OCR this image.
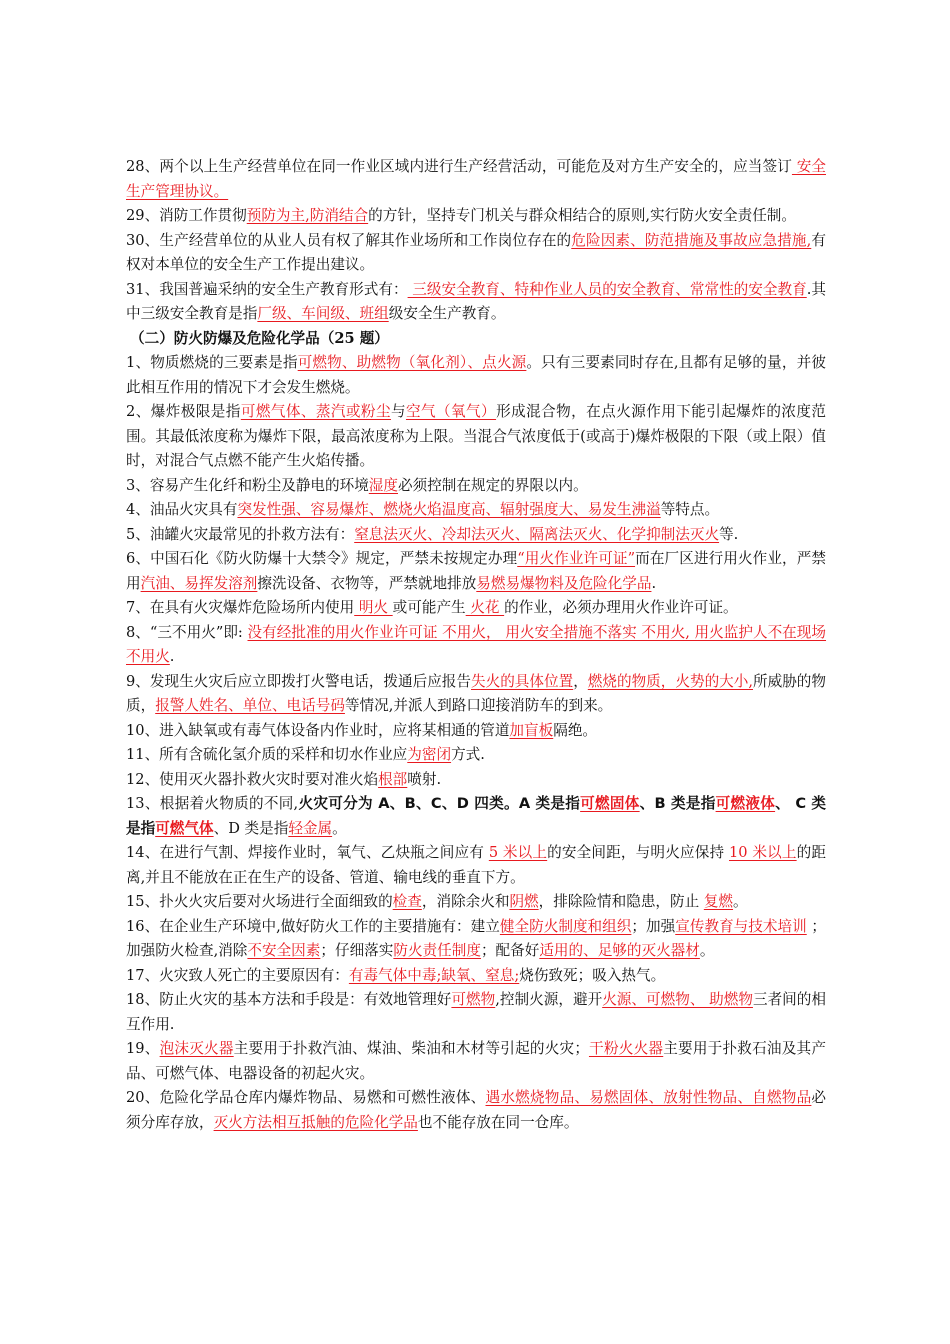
28、两个以上生产经营单位在同一作业区域内进行生产经营活动，可能危及对方生产安全的，应当签订 安全生产管理协议。

29、消防工作贯彻预防为主,防消结合的方针，坚持专门机关与群众相结合的原则,实行防火安全责任制。

30、生产经营单位的从业人员有权了解其作业场所和工作岗位存在的危险因素、防范措施及事故应急措施,有权对本单位的安全生产工作提出建议。

31、我国普遍采纳的安全生产教育形式有： 三级安全教育、特种作业人员的安全教育、常常性的安全教育.其中三级安全教育是指厂级、车间级、班组级安全生产教育。

（二）防火防爆及危险化学品（25 题）

1、物质燃烧的三要素是指可燃物、助燃物（氧化剂）、点火源。只有三要素同时存在,且都有足够的量，并彼此相互作用的情况下才会发生燃烧。

2、爆炸极限是指可燃气体、蒸汽或粉尘与空气（氧气）形成混合物，在点火源作用下能引起爆炸的浓度范围。其最低浓度称为爆炸下限，最高浓度称为上限。当混合气浓度低于(或高于)爆炸极限的下限（或上限）值时，对混合气点燃不能产生火焰传播。

3、容易产生化纤和粉尘及静电的环境湿度必须控制在规定的界限以内。

4、油品火灾具有突发性强、容易爆炸、燃烧火焰温度高、辐射强度大、易发生沸溢等特点。

5、油罐火灾最常见的扑救方法有：窒息法灭火、冷却法灭火、隔离法灭火、化学抑制法灭火等.

6、中国石化《防火防爆十大禁令》规定，严禁未按规定办理“用火作业许可证”而在厂区进行用火作业，严禁用汽油、易挥发溶剂擦洗设备、衣物等，严禁就地排放易燃易爆物料及危险化学品.

7、在具有火灾爆炸危险场所内使用 明火 或可能产生 火花 的作业，必须办理用火作业许可证。

8、“三不用火”即: 没有经批准的用火作业许可证 不用火， 用火安全措施不落实 不用火, 用火监护人不在现场 不用火.

9、发现生火灾后应立即拨打火警电话，拨通后应报告失火的具体位置，燃烧的物质，火势的大小,所威胁的物质，报警人姓名、单位、电话号码等情况,并派人到路口迎接消防车的到来。

10、进入缺氧或有毒气体设备内作业时，应将某相通的管道加盲板隔绝。

11、所有含硫化氢介质的采样和切水作业应为密闭方式.

12、使用灭火器扑救火灾时要对准火焰根部喷射.

13、根据着火物质的不同,火灾可分为 A、B、C、D 四类。A 类是指可燃固体、B 类是指可燃液体、 C 类是指可燃气体、D 类是指轻金属。

14、在进行气割、焊接作业时，氧气、乙炔瓶之间应有 5 米以上的安全间距，与明火应保持 10 米以上的距离,并且不能放在正在生产的设备、管道、输电线的垂直下方。

15、扑火火灾后要对火场进行全面细致的检查，消除余火和阴燃，排除险情和隐患，防止 复燃。

16、在企业生产环境中,做好防火工作的主要措施有：建立健全防火制度和组织；加强宣传教育与技术培训 ；加强防火检查,消除不安全因素；仔细落实防火责任制度；配备好适用的、足够的灭火器材。

17、火灾致人死亡的主要原因有：有毒气体中毒;缺氧、窒息;烧伤致死；吸入热气。

18、防止火灾的基本方法和手段是：有效地管理好可燃物,控制火源，避开火源、可燃物、 助燃物三者间的相互作用.

19、泡沫灭火器主要用于扑救汽油、煤油、柴油和木材等引起的火灾；干粉火火器主要用于扑救石油及其产品、可燃气体、电器设备的初起火灾。

20、危险化学品仓库内爆炸物品、易燃和可燃性液体、遇水燃烧物品、易燃固体、放射性物品、自燃物品必须分库存放，灭火方法相互抵触的危险化学品也不能存放在同一仓库。
